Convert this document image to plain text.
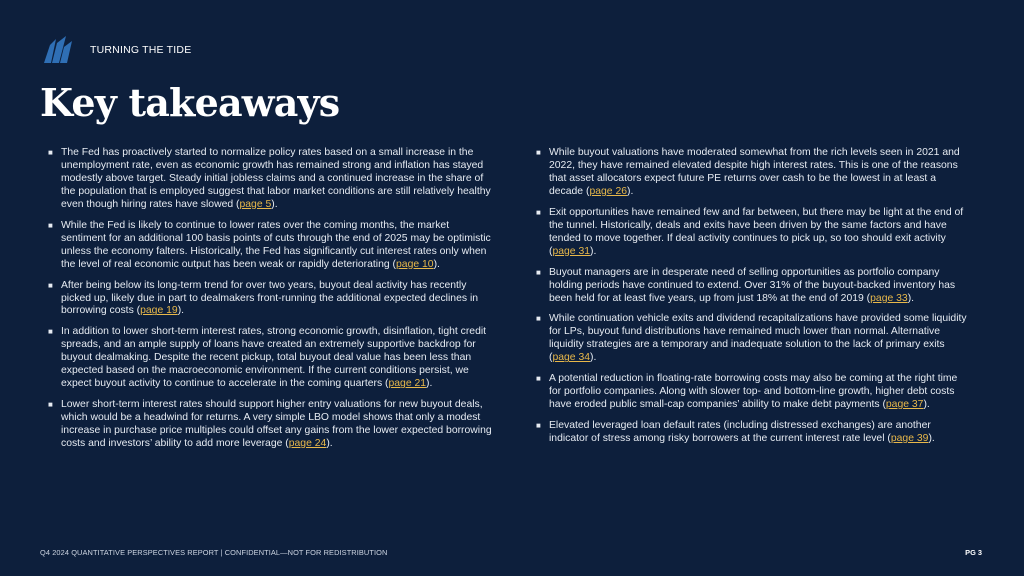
TURNING THE TIDE
Key takeaways
■ The Fed has proactively started to normalize policy rates based on a small increase in the unemployment rate, even as economic growth has remained strong and inflation has stayed modestly above target. Steady initial jobless claims and a continued increase in the share of the population that is employed suggest that labor market conditions are still relatively healthy even though hiring rates have slowed (page 5).
■ While the Fed is likely to continue to lower rates over the coming months, the market sentiment for an additional 100 basis points of cuts through the end of 2025 may be optimistic unless the economy falters. Historically, the Fed has significantly cut interest rates only when the level of real economic output has been weak or rapidly deteriorating (page 10).
■ After being below its long-term trend for over two years, buyout deal activity has recently picked up, likely due in part to dealmakers front-running the additional expected declines in borrowing costs (page 19).
■ In addition to lower short-term interest rates, strong economic growth, disinflation, tight credit spreads, and an ample supply of loans have created an extremely supportive backdrop for buyout dealmaking. Despite the recent pickup, total buyout deal value has been less than expected based on the macroeconomic environment. If the current conditions persist, we expect buyout activity to continue to accelerate in the coming quarters (page 21).
■ Lower short-term interest rates should support higher entry valuations for new buyout deals, which would be a headwind for returns. A very simple LBO model shows that only a modest increase in purchase price multiples could offset any gains from the lower expected borrowing costs and investors’ ability to add more leverage (page 24).
■ While buyout valuations have moderated somewhat from the rich levels seen in 2021 and 2022, they have remained elevated despite high interest rates. This is one of the reasons that asset allocators expect future PE returns over cash to be the lowest in at least a decade (page 26).
■ Exit opportunities have remained few and far between, but there may be light at the end of the tunnel. Historically, deals and exits have been driven by the same factors and have tended to move together. If deal activity continues to pick up, so too should exit activity (page 31).
■ Buyout managers are in desperate need of selling opportunities as portfolio company holding periods have continued to extend. Over 31% of the buyout-backed inventory has been held for at least five years, up from just 18% at the end of 2019 (page 33).
■ While continuation vehicle exits and dividend recapitalizations have provided some liquidity for LPs, buyout fund distributions have remained much lower than normal. Alternative liquidity strategies are a temporary and inadequate solution to the lack of primary exits (page 34).
■ A potential reduction in floating-rate borrowing costs may also be coming at the right time for portfolio companies. Along with slower top- and bottom-line growth, higher debt costs have eroded public small-cap companies’ ability to make debt payments (page 37).
■ Elevated leveraged loan default rates (including distressed exchanges) are another indicator of stress among risky borrowers at the current interest rate level (page 39).
Q4 2024 QUANTITATIVE PERSPECTIVES REPORT | CONFIDENTIAL—NOT FOR REDISTRIBUTION	PG 3
